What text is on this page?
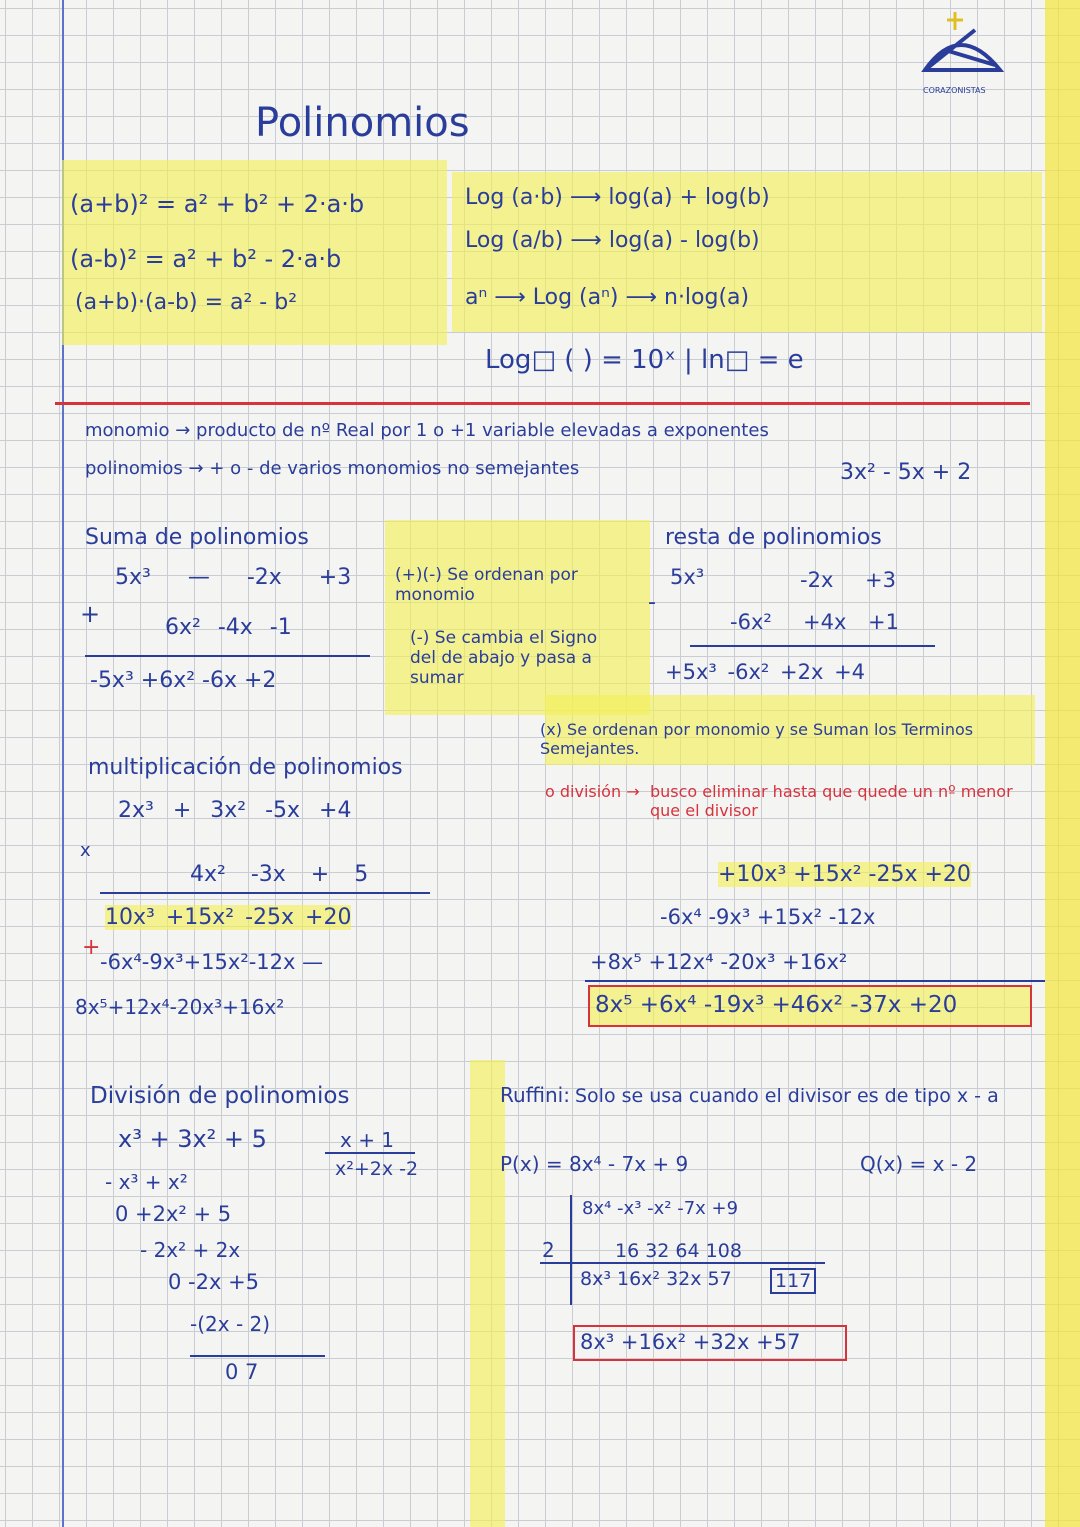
CORAZONISTAS
Polinomios
(a+b)² = a² + b² + 2·a·b
(a-b)² = a² + b² - 2·a·b
(a+b)·(a-b) = a² - b²
Log (a·b) ⟶ log(a) + log(b)
Log (a/b) ⟶ log(a) - log(b)
aⁿ ⟶ Log (aⁿ) ⟶ n·log(a)
Log□ ( ) = 10ˣ | ln□ = e
monomio → producto de nº Real por 1 o +1 variable elevadas a exponentes
polinomios → + o - de varios monomios no semejantes	3x² - 5x + 2
Suma de polinomios
5x³ — -2x +3
+	6x² -4x -1
-5x³ +6x² -6x +2
(+)(-) Se ordenan por monomio
(-) Se cambia el Signo del de abajo y pasa a sumar
(x) Se ordenan por monomio y se Suman los Terminos Semejantes.
o división → busco eliminar hasta que quede un nº menor que el divisor
resta de polinomios
5x³	-2x +3
-
-6x² +4x +1
+5x³ -6x² +2x +4
multiplicación de polinomios
2x³ + 3x² -5x +4
x
4x² -3x + 5
10x³ +15x² -25x +20
+
-6x⁴-9x³+15x²-12x —
8x⁵+12x⁴-20x³+16x²
+10x³ +15x² -25x +20
-6x⁴ -9x³ +15x² -12x
+8x⁵ +12x⁴ -20x³ +16x²
8x⁵ +6x⁴ -19x³ +46x² -37x +20
División de polinomios
x³ + 3x² + 5	x + 1
x²+2x -2
- x³ + x²
0 +2x² + 5
- 2x² + 2x
0 -2x +5
-(2x - 2)
0 7
Ruffini: Solo se usa cuando el divisor es de tipo x - a
P(x) = 8x⁴ - 7x + 9	Q(x) = x - 2
8x⁴ -x³ -x² -7x +9
2	16 32 64 108
8x³ 16x² 32x 57 117
8x³ +16x² +32x +57
